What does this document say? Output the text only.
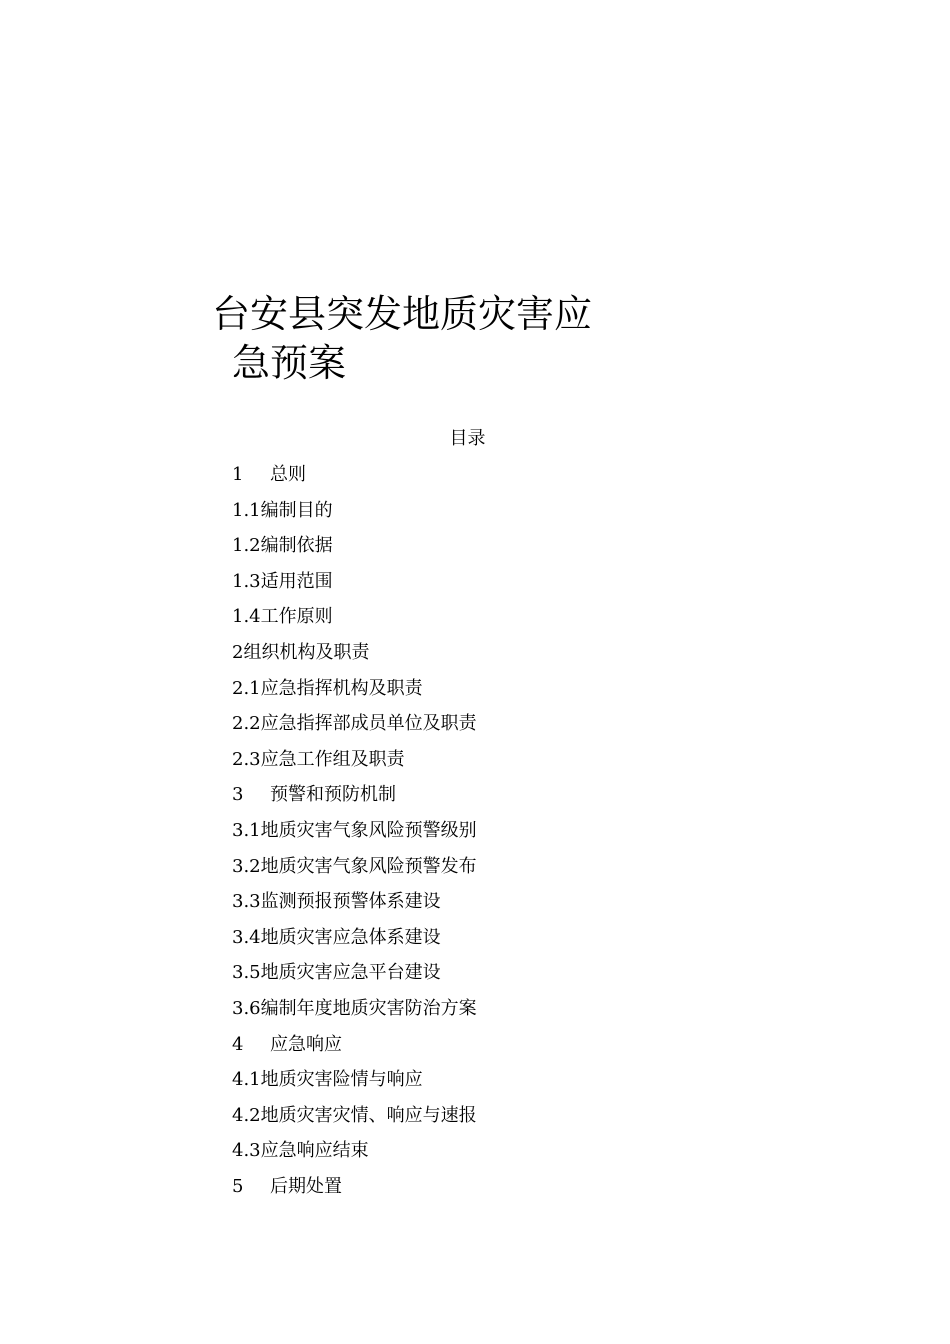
台安县突发地质灾害应
急预案
目录
1 总则
1.1编制目的
1.2编制依据
1.3适用范围
1.4工作原则
2组织机构及职责
2.1应急指挥机构及职责
2.2应急指挥部成员单位及职责
2.3应急工作组及职责
3 预警和预防机制
3.1地质灾害气象风险预警级别
3.2地质灾害气象风险预警发布
3.3监测预报预警体系建设
3.4地质灾害应急体系建设
3.5地质灾害应急平台建设
3.6编制年度地质灾害防治方案
4 应急响应
4.1地质灾害险情与响应
4.2地质灾害灾情、响应与速报
4.3应急响应结束
5 后期处置
